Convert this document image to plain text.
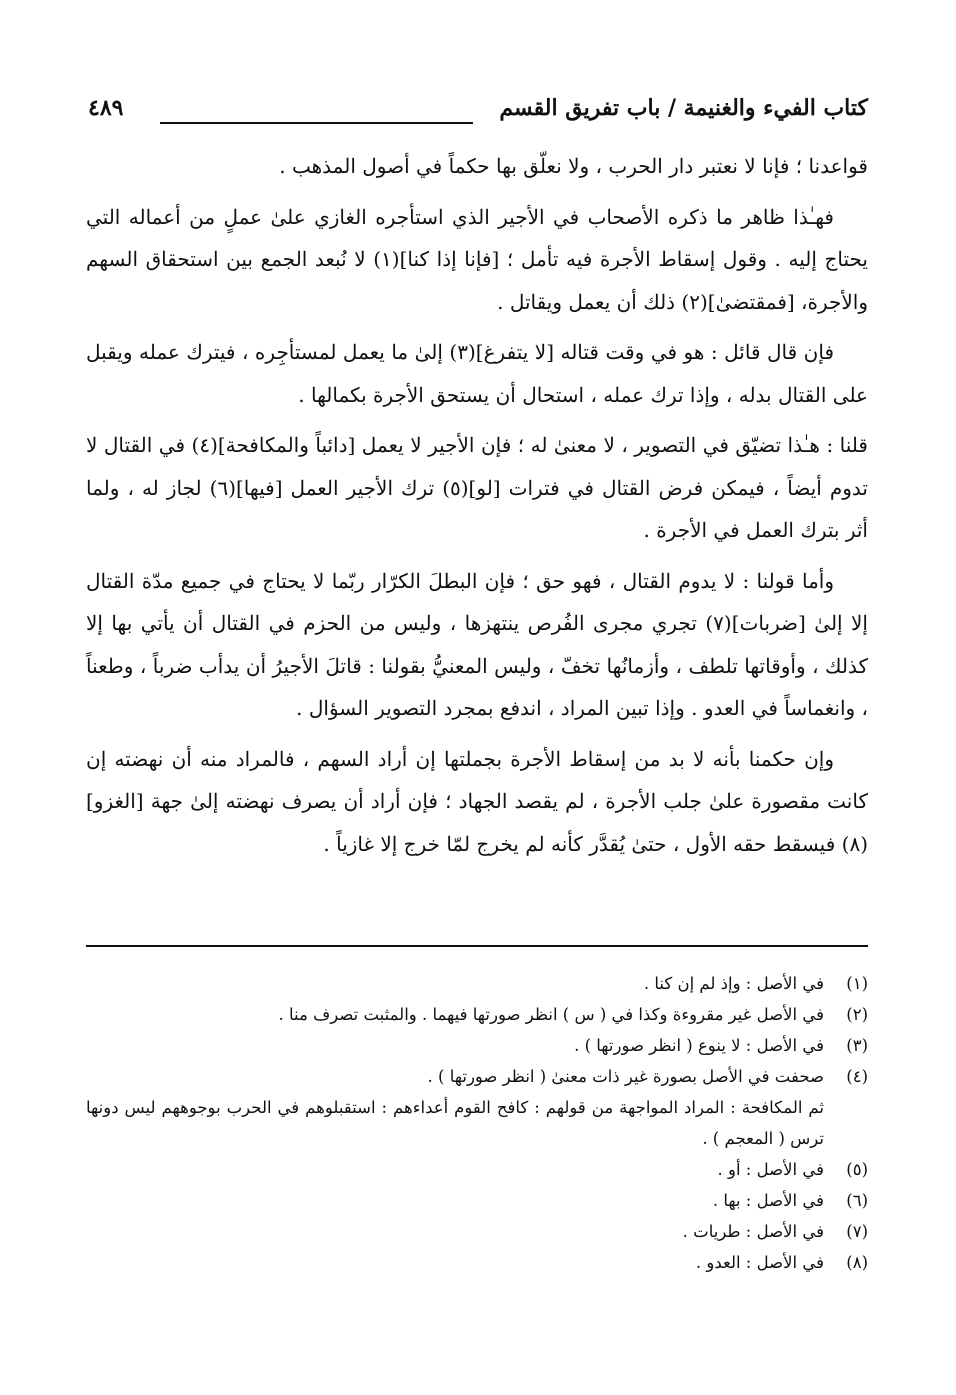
كتاب الفيء والغنيمة / باب تفريق القسم
٤٨٩

قواعدنا ؛ فإنا لا نعتبر دار الحرب ، ولا نعلّق بها حكماً في أصول المذهب .

فهـٰذا ظاهر ما ذكره الأصحاب في الأجير الذي استأجره الغازي علىٰ عملٍ من أعماله التي يحتاج إليه . وقول إسقاط الأجرة فيه تأمل ؛ [فإنا إذا كنا](١) لا نُبعد الجمع بين استحقاق السهم والأجرة، [فمقتضىٰ](٢) ذلك أن يعمل ويقاتل .

فإن قال قائل : هو في وقت قتاله [لا يتفرغ](٣) إلىٰ ما يعمل لمستأجِره ، فيترك عمله ويقبل على القتال بدله ، وإذا ترك عمله ، استحال أن يستحق الأجرة بكمالها .

قلنا : هـٰذا تضيّق في التصوير ، لا معنىٰ له ؛ فإن الأجير لا يعمل [دائباً والمكافحة](٤) في القتال لا تدوم أيضاً ، فيمكن فرض القتال في فترات [لو](٥) ترك الأجير العمل [فيها](٦) لجاز له ، ولما أثر بترك العمل في الأجرة .

وأما قولنا : لا يدوم القتال ، فهو حق ؛ فإن البطلَ الكرّار ربّما لا يحتاج في جميع مدّة القتال إلا إلىٰ [ضربات](٧) تجري مجرى الفُرص ينتهزها ، وليس من الحزم في القتال أن يأتي بها إلا كذلك ، وأوقاتها تلطف ، وأزمانُها تخفّ ، وليس المعنيُّ بقولنا : قاتلَ الأجيرُ أن يدأب ضرباً ، وطعناً ، وانغماساً في العدو . وإذا تبين المراد ، اندفع بمجرد التصوير السؤال .

وإن حكمنا بأنه لا بد من إسقاط الأجرة بجملتها إن أراد السهم ، فالمراد منه أن نهضته إن كانت مقصورة علىٰ جلب الأجرة ، لم يقصد الجهاد ؛ فإن أراد أن يصرف نهضته إلىٰ جهة [الغزو](٨) فيسقط حقه الأول ، حتىٰ يُقدَّر كأنه لم يخرج لمّا خرج إلا غازياً .

(١)
في الأصل : وإذ لم إن كنا .
(٢)
في الأصل غير مقروءة وكذا في ( س ) انظر صورتها فيهما . والمثبت تصرف منا .
(٣)
في الأصل : لا ينوع ( انظر صورتها ) .
(٤)
صحفت في الأصل بصورة غير ذات معنىٰ ( انظر صورتها ) .
ثم المكافحة : المراد المواجهة من قولهم : كافح القوم أعداءهم : استقبلوهم في الحرب بوجوههم ليس دونها ترس ( المعجم ) .
(٥)
في الأصل : أو .
(٦)
في الأصل : بها .
(٧)
في الأصل : طريات .
(٨)
في الأصل : العدو .
